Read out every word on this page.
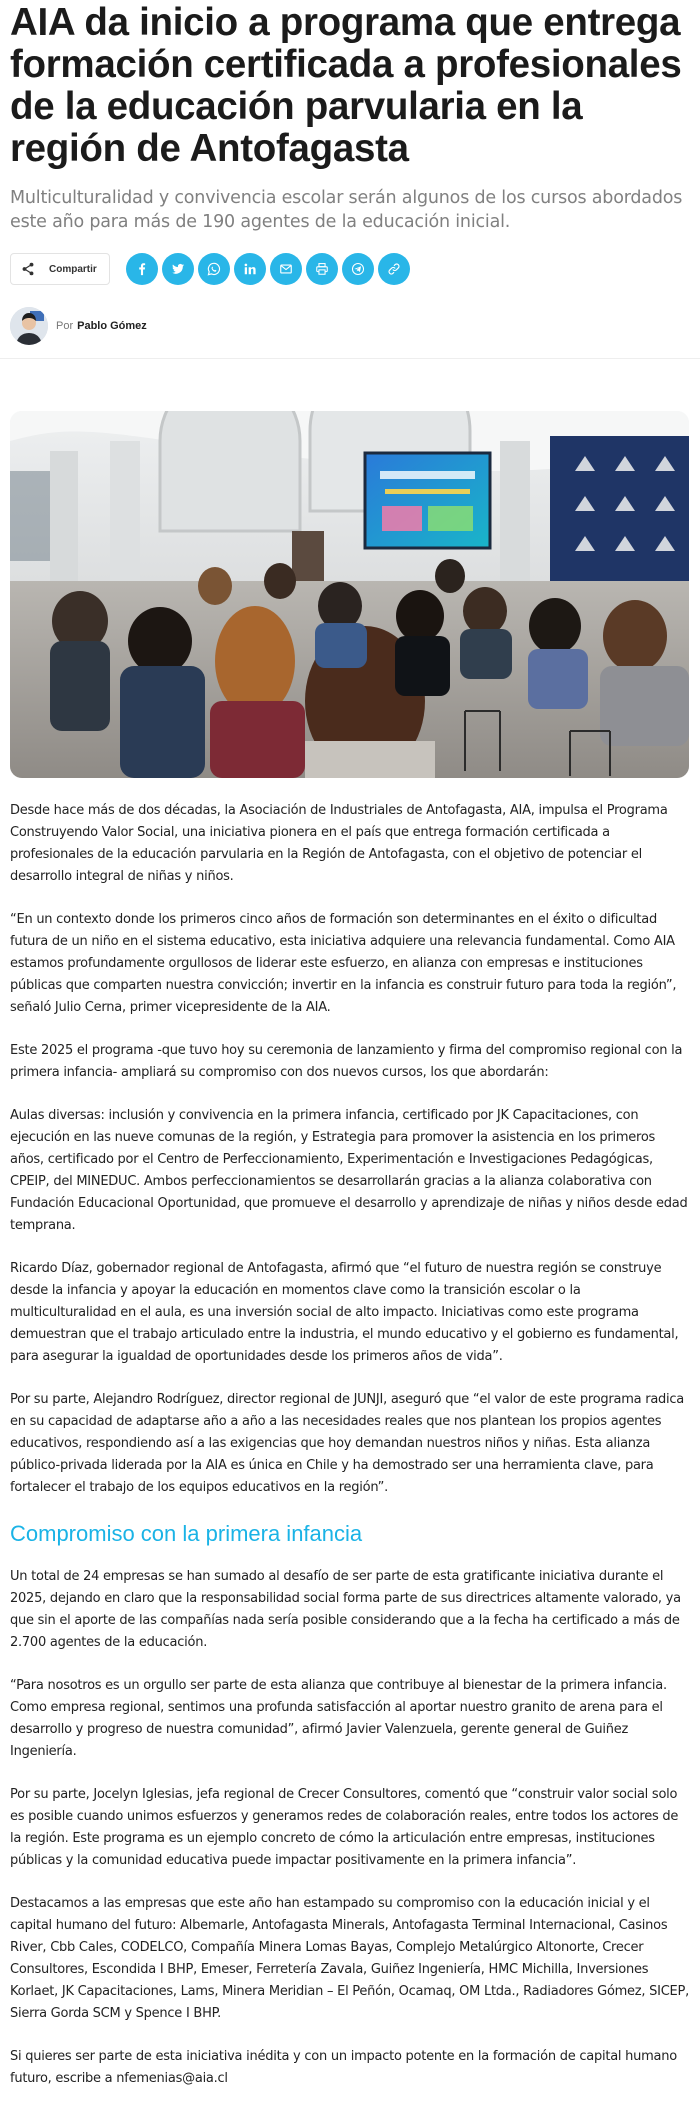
AIA da inicio a programa que entrega formación certificada a profesionales de la educación parvularia en la región de Antofagasta

Multiculturalidad y convivencia escolar serán algunos de los cursos abordados este año para más de 190 agentes de la educación inicial.

Compartir
Por Pablo Gómez

Desde hace más de dos décadas, la Asociación de Industriales de Antofagasta, AIA, impulsa el Programa Construyendo Valor Social, una iniciativa pionera en el país que entrega formación certificada a profesionales de la educación parvularia en la Región de Antofagasta, con el objetivo de potenciar el desarrollo integral de niñas y niños.

“En un contexto donde los primeros cinco años de formación son determinantes en el éxito o dificultad futura de un niño en el sistema educativo, esta iniciativa adquiere una relevancia fundamental. Como AIA estamos profundamente orgullosos de liderar este esfuerzo, en alianza con empresas e instituciones públicas que comparten nuestra convicción; invertir en la infancia es construir futuro para toda la región”, señaló Julio Cerna, primer vicepresidente de la AIA.

Este 2025 el programa -que tuvo hoy su ceremonia de lanzamiento y firma del compromiso regional con la primera infancia- ampliará su compromiso con dos nuevos cursos, los que abordarán:

Aulas diversas: inclusión y convivencia en la primera infancia, certificado por JK Capacitaciones, con ejecución en las nueve comunas de la región, y Estrategia para promover la asistencia en los primeros años, certificado por el Centro de Perfeccionamiento, Experimentación e Investigaciones Pedagógicas, CPEIP, del MINEDUC. Ambos perfeccionamientos se desarrollarán gracias a la alianza colaborativa con Fundación Educacional Oportunidad, que promueve el desarrollo y aprendizaje de niñas y niños desde edad temprana.

Ricardo Díaz, gobernador regional de Antofagasta, afirmó que “el futuro de nuestra región se construye desde la infancia y apoyar la educación en momentos clave como la transición escolar o la multiculturalidad en el aula, es una inversión social de alto impacto. Iniciativas como este programa demuestran que el trabajo articulado entre la industria, el mundo educativo y el gobierno es fundamental, para asegurar la igualdad de oportunidades desde los primeros años de vida”.

Por su parte, Alejandro Rodríguez, director regional de JUNJI, aseguró que “el valor de este programa radica en su capacidad de adaptarse año a año a las necesidades reales que nos plantean los propios agentes educativos, respondiendo así a las exigencias que hoy demandan nuestros niños y niñas. Esta alianza público-privada liderada por la AIA es única en Chile y ha demostrado ser una herramienta clave, para fortalecer el trabajo de los equipos educativos en la región”.

Compromiso con la primera infancia

Un total de 24 empresas se han sumado al desafío de ser parte de esta gratificante iniciativa durante el 2025, dejando en claro que la responsabilidad social forma parte de sus directrices altamente valorado, ya que sin el aporte de las compañías nada sería posible considerando que a la fecha ha certificado a más de 2.700 agentes de la educación.

“Para nosotros es un orgullo ser parte de esta alianza que contribuye al bienestar de la primera infancia. Como empresa regional, sentimos una profunda satisfacción al aportar nuestro granito de arena para el desarrollo y progreso de nuestra comunidad”, afirmó Javier Valenzuela, gerente general de Guiñez Ingeniería.

Por su parte, Jocelyn Iglesias, jefa regional de Crecer Consultores, comentó que “construir valor social solo es posible cuando unimos esfuerzos y generamos redes de colaboración reales, entre todos los actores de la región. Este programa es un ejemplo concreto de cómo la articulación entre empresas, instituciones públicas y la comunidad educativa puede impactar positivamente en la primera infancia”.

Destacamos a las empresas que este año han estampado su compromiso con la educación inicial y el capital humano del futuro: Albemarle, Antofagasta Minerals, Antofagasta Terminal Internacional, Casinos River, Cbb Cales, CODELCO, Compañía Minera Lomas Bayas, Complejo Metalúrgico Altonorte, Crecer Consultores, Escondida I BHP, Emeser, Ferretería Zavala, Guiñez Ingeniería, HMC Michilla, Inversiones Korlaet, JK Capacitaciones, Lams, Minera Meridian – El Peñón, Ocamaq, OM Ltda., Radiadores Gómez, SICEP, Sierra Gorda SCM y Spence I BHP.

Si quieres ser parte de esta iniciativa inédita y con un impacto potente en la formación de capital humano futuro, escribe a nfemenias@aia.cl
